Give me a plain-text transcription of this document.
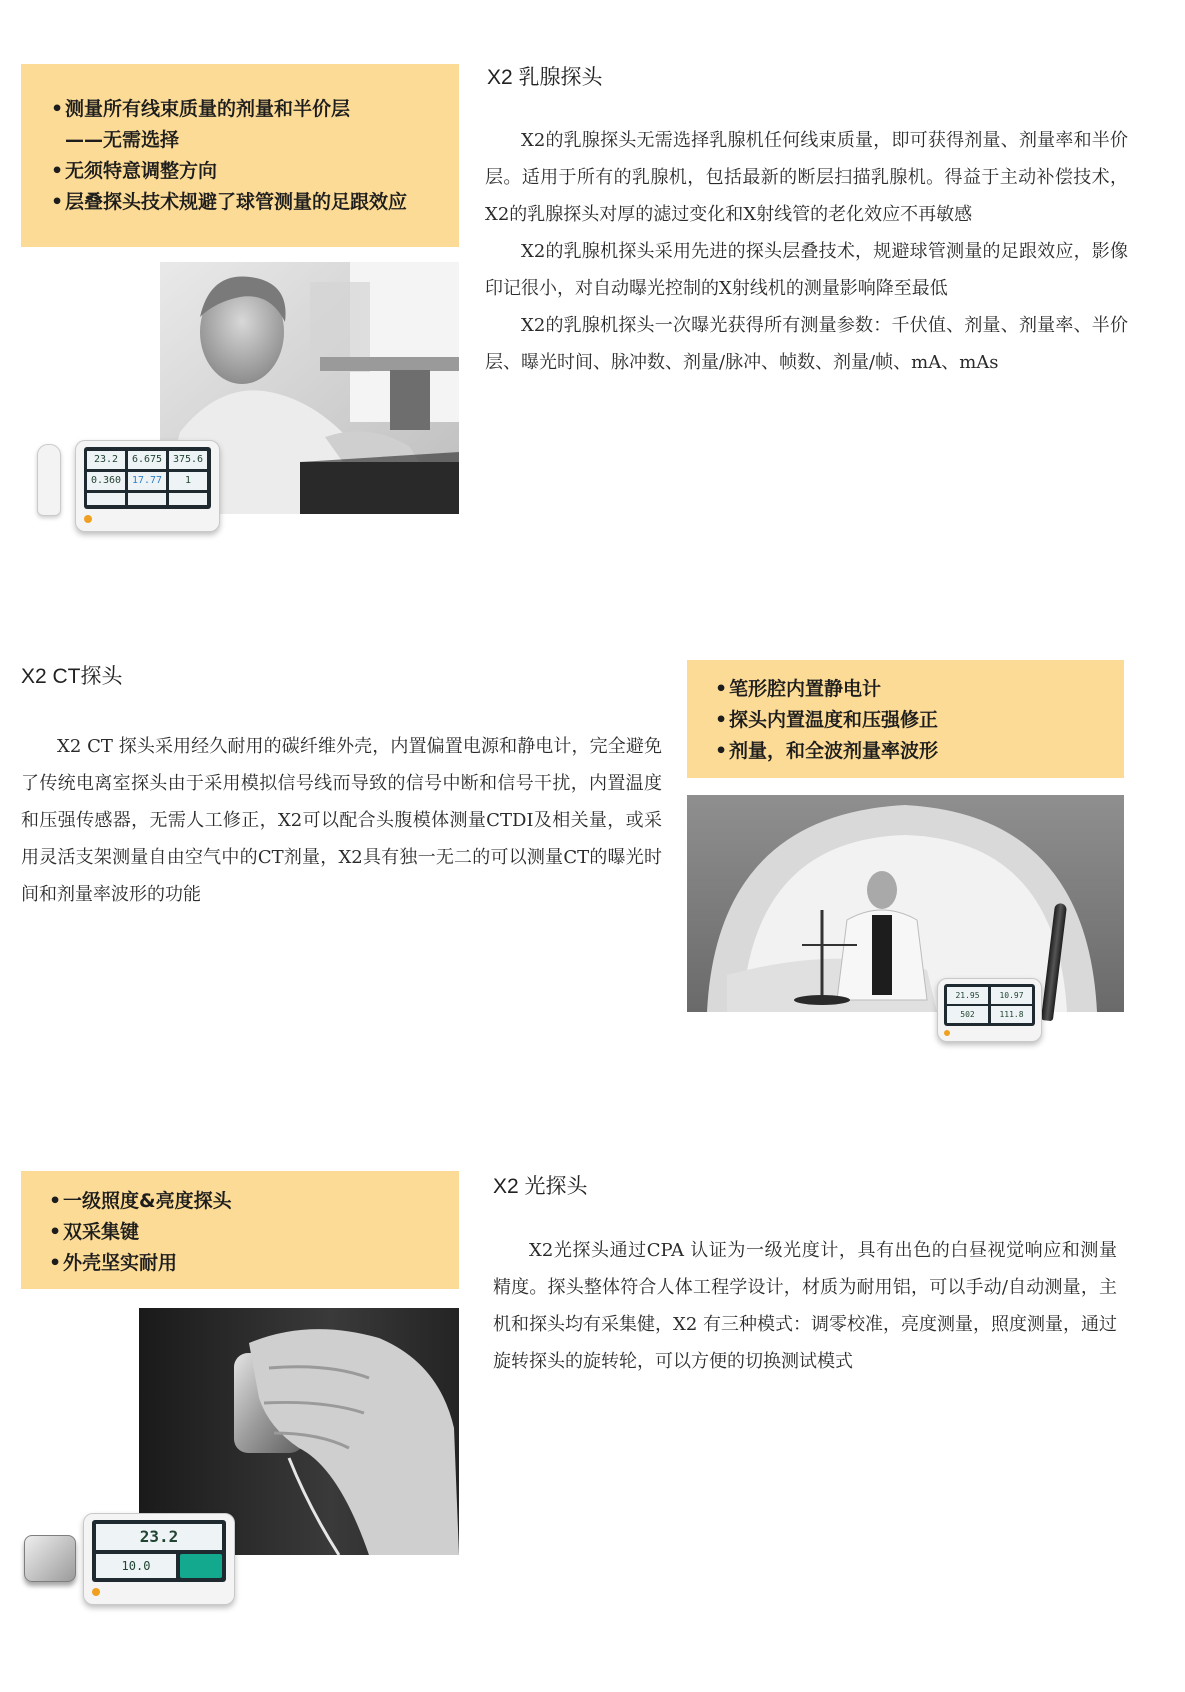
•测量所有线束质量的剂量和半价层
——无需选择
•无须特意调整方向
•层叠探头技术规避了球管测量的足跟效应
X2 乳腺探头

X2的乳腺探头无需选择乳腺机任何线束质量，即可获得剂量、剂量率和半价层。适用于所有的乳腺机，包括最新的断层扫描乳腺机。得益于主动补偿技术，X2的乳腺探头对厚的滤过变化和X射线管的老化效应不再敏感

X2的乳腺机探头采用先进的探头层叠技术，规避球管测量的足跟效应，影像印记很小，对自动曝光控制的X射线机的测量影响降至最低

X2的乳腺机探头一次曝光获得所有测量参数：千伏值、剂量、剂量率、半价层、曝光时间、脉冲数、剂量/脉冲、帧数、剂量/帧、mA、mAs

23.2	6.675	375.6
0.360	17.77	1
X2 CT探头

X2 CT 探头采用经久耐用的碳纤维外壳，内置偏置电源和静电计，完全避免了传统电离室探头由于采用模拟信号线而导致的信号中断和信号干扰，内置温度和压强传感器，无需人工修正，X2可以配合头腹模体测量CTDI及相关量，或采用灵活支架测量自由空气中的CT剂量，X2具有独一无二的可以测量CT的曝光时间和剂量率波形的功能

•笔形腔内置静电计
•探头内置温度和压强修正
•剂量，和全波剂量率波形
21.95	10.97
502	111.8
•一级照度&亮度探头
•双采集键
•外壳坚实耐用
X2 光探头

X2光探头通过CPA 认证为一级光度计，具有出色的白昼视觉响应和测量精度。探头整体符合人体工程学设计，材质为耐用铝，可以手动/自动测量，主机和探头均有采集健，X2 有三种模式：调零校准，亮度测量，照度测量，通过旋转探头的旋转轮，可以方便的切换测试模式

23.2
10.0
